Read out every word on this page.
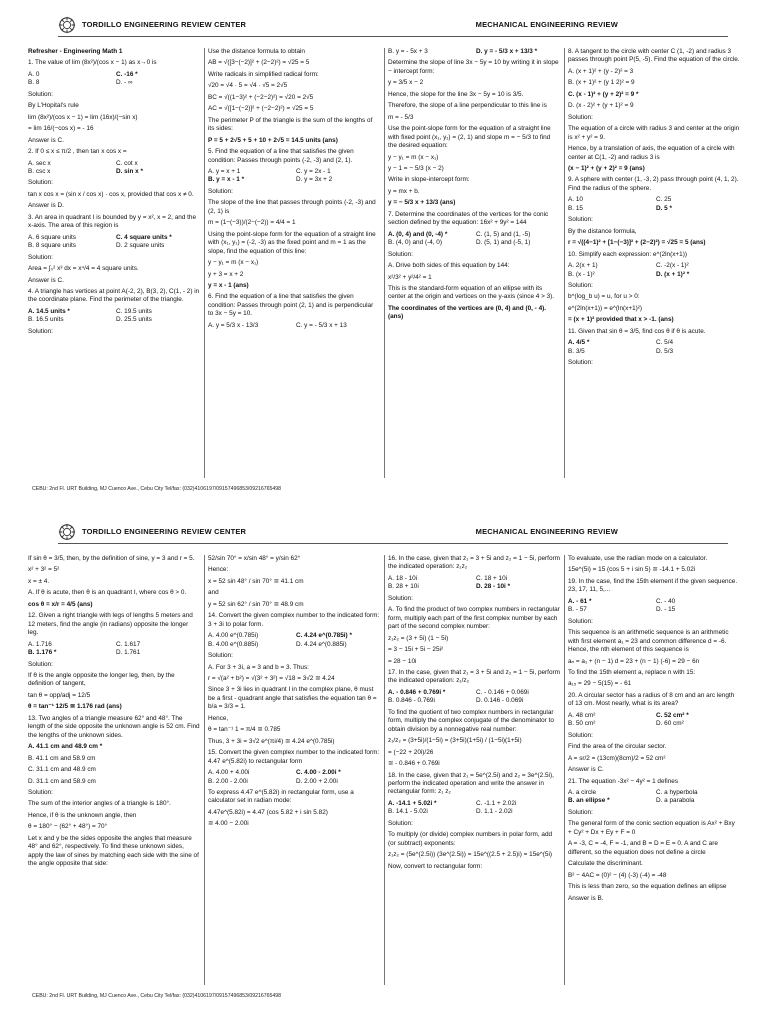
TORDILLO ENGINEERING REVIEW CENTER	MECHANICAL ENGINEERING REVIEW

Refresher - Engineering Math 1

1. The value of lim (8x²)/(cos x − 1) as x→0 is

A. 0	C. -16 *
B. 8	D. - ∞

Solution:

By L'Hopital's rule

lim (8x²)/(cos x − 1) = lim (16x)/(−sin x)

= lim 16/(−cos x) = - 16

Answer is C.

2. If 0 ≤ x ≤ π/2 , then tan x cos x =

A. sec x	C. cot x
B. csc x	D. sin x *

Solution:

tan x cos x = (sin x / cos x) · cos x, provided that cos x ≠ 0.

Answer is D.

3. An area in quadrant I is bounded by y = x², x = 2, and the x-axis. The area of this region is

A. 6 square units	C. 4 square units *
B. 8 square units	D. 2 square units

Solution:

Area = ∫₀² x³ dx = x⁴/4 = 4 square units.

Answer is C.

4. A triangle has vertices at point A(-2, 2), B(3, 2), C(1, - 2) in the coordinate plane. Find the perimeter of the triangle.

A. 14.5 units *	C. 19.5 units
B. 16.5 units	D. 25.5 units

Solution:

Use the distance formula to obtain

AB = √([3−(−2)]² + (2−2)²) = √25 = 5

Write radicals in simplified radical form:

√20 = √4 · 5 = √4 · √5 = 2√5

BC = √((1−3)² + (−2−2)²) = √20 = 2√5

AC = √([1−(−2)]² + (−2−2)²) = √25 = 5

The perimeter P of the triangle is the sum of the lengths of its sides:

P = 5 + 2√5 + 5 + 10 + 2√5 = 14.5 units (ans)

5. Find the equation of a line that satisfies the given condition: Passes through points (-2, -3) and (2, 1).

A. y = x + 1	C. y = 2x - 1
B. y = x - 1 *	D. y = 3x + 2

Solution:

The slope of the line that passes through points (-2, -3) and (2, 1) is

m = (1−(−3))/(2−(−2)) = 4/4 = 1

Using the point-slope form for the equation of a straight line with (x₁, y₁) = (-2, -3) as the fixed point and m = 1 as the slope, find the equation of this line:

y − y₁ = m (x − x₁)

y + 3 = x + 2

y = x - 1 (ans)

6. Find the equation of a line that satisfies the given condition: Passes through point (2, 1) and is perpendicular to 3x − 5y = 10.

A. y = 5/3 x - 13/3	C. y = - 5/3 x + 13
B. y = - 5x + 3	D. y = - 5/3 x + 13/3 *

Determine the slope of line 3x − 5y = 10 by writing it in slope − intercept form:

y = 3/5 x − 2

Hence, the slope for the line 3x − 5y = 10 is 3/5.

Therefore, the slope of a line perpendicular to this line is

m = - 5/3

Use the point-slope form for the equation of a straight line with fixed point (x₁, y₁) = (2, 1) and slope m = − 5/3 to find the desired equation:

y − y₁ = m (x − x₁)

y − 1 = − 5/3 (x − 2)

Write in slope-intercept form:

y = mx + b.

y = − 5/3 x + 13/3 (ans)

7. Determine the coordinates of the vertices for the conic section defined by the equation: 16x² + 9y² = 144

A. (0, 4) and (0, -4) *	C. (1, 5) and (1, -5)
B. (4, 0) and (-4, 0)	D. (5, 1) and (-5, 1)

Solution:

A. Drive both sides of this equation by 144:

x²/3² + y²/4² = 1

This is the standard-form equation of an ellipse with its center at the origin and vertices on the y-axis (since 4 > 3).

The coordinates of the vertices are (0, 4) and (0, - 4). (ans)

8. A tangent to the circle with center C (1, -2) and radius 3 passes through point P(5, -5). Find the equation of the circle.

A. (x + 1)² + (y - 2)² = 3

B. (x + 1)² + (y 1 2)² = 9

C. (x - 1)² + (y + 2)² = 9 *

D. (x - 2)² + (y + 1)² = 9

Solution:

The equation of a circle with radius 3 and center at the origin is x² + y² = 9.

Hence, by a translation of axis, the equation of a circle with center at C(1, -2) and radius 3 is

(x − 1)² + (y + 2)² = 9 (ans)

9. A sphere with center (1, -3, 2) pass through point (4, 1, 2). Find the radius of the sphere.

A. 10	C. 25
B. 15	D. 5 *

Solution:

By the distance formula,

r = √((4−1)² + [1−(−3)]² + (2−2)²) = √25 = 5 (ans)

10. Simplify each expression: e^(2ln(x+1))

A. 2(x + 1)	C. -2(x - 1)²
B. (x - 1)²	D. (x + 1)² *

Solution:

b^(log_b u) = u, for u > 0:

e^(2ln(x+1)) = e^(ln(x+1)²)

= (x + 1)² provided that x > -1. (ans)

11. Given that sin θ = 3/5, find cos θ if θ is acute.

A. 4/5 *	C. 5/4
B. 3/5	D. 5/3

Solution:

CEBU: 2nd Fl. URT Building, MJ Cuenco Ave., Cebu City Tel/fax: (032)4106197/09157496853/09216765498
TORDILLO ENGINEERING REVIEW CENTER	MECHANICAL ENGINEERING REVIEW

If sin θ = 3/5, then, by the definition of sine, y = 3 and r = 5.

x² + 3² = 5²

x = ± 4.

A. If θ is acute, then θ is an quadrant I, where cos θ > 0.

cos θ = x/r = 4/5 (ans)

12. Given a right triangle with legs of lengths 5 meters and 12 meters, find the angle (in radians) opposite the longer leg.

A. 1.716	C. 1.617
B. 1.176 *	D. 1.761

Solution:

If θ is the angle opposite the longer leg, then, by the definition of tangent,

tan θ = opp/adj = 12/5

θ = tan⁻¹ 12/5 ≅ 1.176 rad (ans)

13. Two angles of a triangle measure 62° and 48°. The length of the side opposite the unknown angle is 52 cm. Find the lengths of the unknown sides.

A. 41.1 cm and 48.9 cm *

B. 41.1 cm and 58.9 cm

C. 31.1 cm and 48.9 cm

D. 31.1 cm and 58.9 cm

Solution:

The sum of the interior angles of a triangle is 180°.

Hence, if θ is the unknown angle, then

θ = 180° − (62° + 48°) = 70°

Let x and y be the sides opposite the angles that measure 48° and 62°, respectively. To find these unknown sides, apply the law of sines by matching each side with the sine of the angle opposite that side:

52/sin 70° = x/sin 48° = y/sin 62°

Hence:

x = 52 sin 48° / sin 70° ≅ 41.1 cm

and

y = 52 sin 62° / sin 70° ≅ 48.9 cm

14. Convert the given complex number to the indicated form: 3 + 3i to polar form.

A. 4.00 e^(0.785i)	C. 4.24 e^(0.785i) *
B. 4.00 e^(0.885i)	D. 4.24 e^(0.885i)

Solution:

A. For 3 + 3i, a = 3 and b = 3. Thus:

r = √(a² + b²) = √(3² + 3²) = √18 = 3√2 ≅ 4.24

Since 3 + 3i lies in quadrant I in the complex plane, θ must be a first - quadrant angle that satisfies the equation tan θ = b/a = 3/3 = 1.

Hence,

θ = tan⁻¹ 1 = π/4 ≅ 0.785

Thus, 3 + 3i = 3√2 e^(πi/4) ≅ 4.24 e^(0.785i)

15. Convert the given complex number to the indicated form: 4.47 e^(5.82i) to rectangular form

A. 4.00 + 4.00i	C. 4.00 - 2.00i *
B. 2.00 - 2.00i	D. 2.00 + 2.00i

To express 4.47 e^(5.82i) in rectangular form, use a calculator set in radian mode:

4.47e^(5.82i) = 4.47 (cos 5.82 + i sin 5.82)

≅ 4.00 − 2.00i

16. In the case, given that z₁ = 3 + 5i and z₂ = 1 − 5i, perform the indicated operation: z₁z₂

A. 18 - 10i	C. 18 + 10i
B. 28 + 10i	D. 28 - 10i *

Solution:

A. To find the product of two complex numbers in rectangular form, multiply each part of the first complex number by each part of the second complex number:

z₁z₂ = (3 + 5i) (1 − 5i)

= 3 − 15i + 5i − 25i²

= 28 − 10i

17. In the case, given that z₁ = 3 + 5i and z₂ = 1 − 5i, perform the indicated operation: z₁/z₂

A. - 0.846 + 0.769i *	C. - 0.146 + 0.069i
B. 0.846 - 0.769i	D. 0.146 - 0.069i

To find the quotient of two complex numbers in rectangular form, multiply the complex conjugate of the denominator to obtain division by a nonnegative real number:

z₁/z₂ = (3+5i)/(1−5i) = (3+5i)(1+5i) / (1−5i)(1+5i)

= (−22 + 20i)/26

≅ - 0.846 + 0.769i

18. In the case, given that z₁ = 5e^(2.5i) and z₂ = 3e^(2.5i), perform the indicated operation and write the answer in rectangular form: z₁ z₂

A. -14.1 + 5.02i *	C. -1.1 + 2.02i
B. 14.1 - 5.02i	D. 1.1 - 2.02i

Solution:

To multiply (or divide) complex numbers in polar form, add (or subtract) exponents:

z₁z₂ = (5e^(2.5i)) (3e^(2.5i)) = 15e^((2.5 + 2.5)i) = 15e^(5i)

Now, convert to rectangular form:

To evaluate, use the radian mode on a calculator.

15e^(5i) = 15 (cos 5 + i sin 5) ≅ -14.1 + 5.02i

19. In the case, find the 15th element if the given sequence. 23, 17, 11, 5,...

A. - 61 *	C. - 40
B. - 57	D. - 15

Solution:

This sequence is an arithmetic sequence is an arithmetic with first element a₁ = 23 and common difference d = -6. Hence, the nth element of this sequence is

aₙ = a₁ + (n − 1) d = 23 + (n − 1) (-6) = 29 − 6n

To find the 15th element a, replace n with 15:

a₁₅ = 29 − 5(15) = - 61

20. A circular sector has a radius of 8 cm and an arc length of 13 cm. Most nearly, what is its area?

A. 48 cm²	C. 52 cm² *
B. 50 cm²	D. 60 cm²

Solution:

Find the area of the circular sector.

A = sr/2 = (13cm)(8cm)/2 = 52 cm²

Answer is C.

21. The equation -3x² − 4y² = 1 defines

A. a circle	C. a hyperbola
B. an ellipse *	D. a parabola

Solution:

The general form of the conic section equation is Ax² + Bxy + Cy² + Dx + Ey + F = 0

A = -3, C = -4, F = -1, and B = D = E = 0. A and C are different, so the equation does not define a circle

Calculate the discriminant.

B² − 4AC = (0)² − (4) (-3) (-4) = -48

This is less than zero, so the equation defines an ellipse

Answer is B.

CEBU: 2nd Fl. URT Building, MJ Cuenco Ave., Cebu City Tel/fax: (032)4106197/09157496853/09216765498
